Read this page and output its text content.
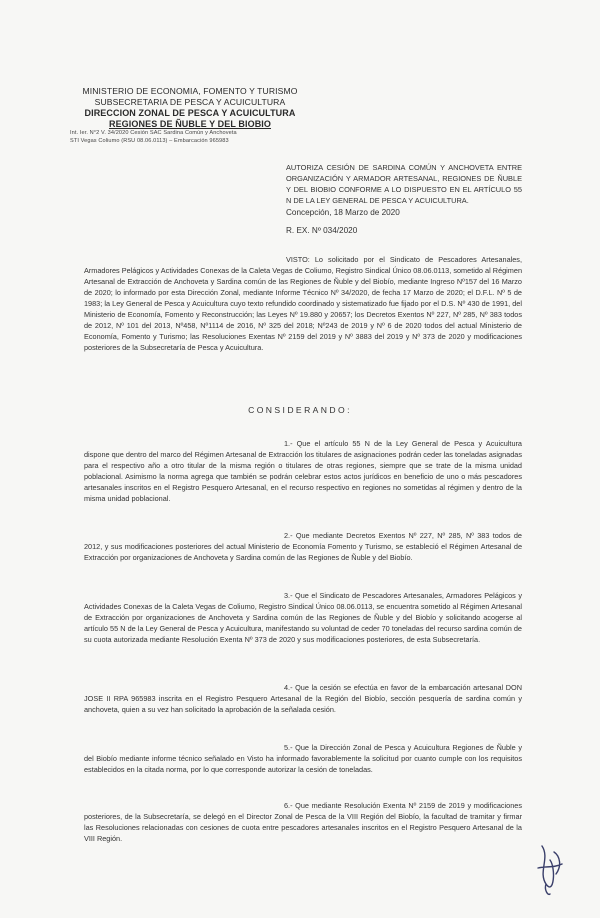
MINISTERIO DE ECONOMIA, FOMENTO Y TURISMO
SUBSECRETARIA DE PESCA Y ACUICULTURA
DIRECCION ZONAL DE PESCA Y ACUICULTURA
REGIONES DE ÑUBLE Y DEL BIOBIO
Int. Ier. N°2 V. 34/2020 Cesión SAC Sardina Común y Anchoveta
STI Vegas Coliumo (RSU 08.06.0113) – Embarcación 965983
AUTORIZA CESIÓN DE SARDINA COMÚN Y ANCHOVETA ENTRE ORGANIZACIÓN Y ARMADOR ARTESANAL, REGIONES DE ÑUBLE Y DEL BIOBIO CONFORME A LO DISPUESTO EN EL ARTÍCULO 55 N DE LA LEY GENERAL DE PESCA Y ACUICULTURA.
Concepción, 18 Marzo de 2020
R. EX. Nº 034/2020
VISTO: Lo solicitado por el Sindicato de Pescadores Artesanales, Armadores Pelágicos y Actividades Conexas de la Caleta Vegas de Coliumo, Registro Sindical Único 08.06.0113, sometido al Régimen Artesanal de Extracción de Anchoveta y Sardina común de las Regiones de Ñuble y del Biobío, mediante Ingreso Nº157 del 16 Marzo de 2020; lo informado por esta Dirección Zonal, mediante Informe Técnico Nº 34/2020, de fecha 17 Marzo de 2020; el D.F.L. Nº 5 de 1983; la Ley General de Pesca y Acuicultura cuyo texto refundido coordinado y sistematizado fue fijado por el D.S. Nº 430 de 1991, del Ministerio de Economía, Fomento y Reconstrucción; las Leyes Nº 19.880 y 20657; los Decretos Exentos Nº 227, Nº 285, Nº 383 todos de 2012, Nº 101 del 2013, Nº458, Nº1114 de 2016, Nº 325 del 2018; Nº243 de 2019 y Nº 6 de 2020 todos del actual Ministerio de Economía, Fomento y Turismo; las Resoluciones Exentas Nº 2159 del 2019 y Nº 3883 del 2019 y Nº 373 de 2020 y modificaciones posteriores de la Subsecretaría de Pesca y Acuicultura.
CONSIDERANDO:
1.- Que el artículo 55 N de la Ley General de Pesca y Acuicultura dispone que dentro del marco del Régimen Artesanal de Extracción los titulares de asignaciones podrán ceder las toneladas asignadas para el respectivo año a otro titular de la misma región o titulares de otras regiones, siempre que se trate de la misma unidad poblacional. Asimismo la norma agrega que también se podrán celebrar estos actos jurídicos en beneficio de uno o más pescadores artesanales inscritos en el Registro Pesquero Artesanal, en el recurso respectivo en regiones no sometidas al régimen y dentro de la misma unidad poblacional.
2.- Que mediante Decretos Exentos Nº 227, Nº 285, Nº 383 todos de 2012, y sus modificaciones posteriores del actual Ministerio de Economía Fomento y Turismo, se estableció el Régimen Artesanal de Extracción por organizaciones de Anchoveta y Sardina común de las Regiones de Ñuble y del Biobío.
3.- Que el Sindicato de Pescadores Artesanales, Armadores Pelágicos y Actividades Conexas de la Caleta Vegas de Coliumo, Registro Sindical Único 08.06.0113, se encuentra sometido al Régimen Artesanal de Extracción por organizaciones de Anchoveta y Sardina común de las Regiones de Ñuble y del Biobío y solicitando acogerse al artículo 55 N de la Ley General de Pesca y Acuicultura, manifestando su voluntad de ceder 70 toneladas del recurso sardina común de su cuota autorizada mediante Resolución Exenta Nº 373 de 2020 y sus modificaciones posteriores, de esta Subsecretaría.
4.- Que la cesión se efectúa en favor de la embarcación artesanal DON JOSE II RPA 965983 inscrita en el Registro Pesquero Artesanal de la Región del Biobío, sección pesquería de sardina común y anchoveta, quien a su vez han solicitado la aprobación de la señalada cesión.
5.- Que la Dirección Zonal de Pesca y Acuicultura Regiones de Ñuble y del Biobío mediante informe técnico señalado en Visto ha informado favorablemente la solicitud por cuanto cumple con los requisitos establecidos en la citada norma, por lo que corresponde autorizar la cesión de toneladas.
6.- Que mediante Resolución Exenta Nº 2159 de 2019 y modificaciones posteriores, de la Subsecretaría, se delegó en el Director Zonal de Pesca de la VIII Región del Biobío, la facultad de tramitar y firmar las Resoluciones relacionadas con cesiones de cuota entre pescadores artesanales inscritos en el Registro Pesquero Artesanal de la VIII Región.
